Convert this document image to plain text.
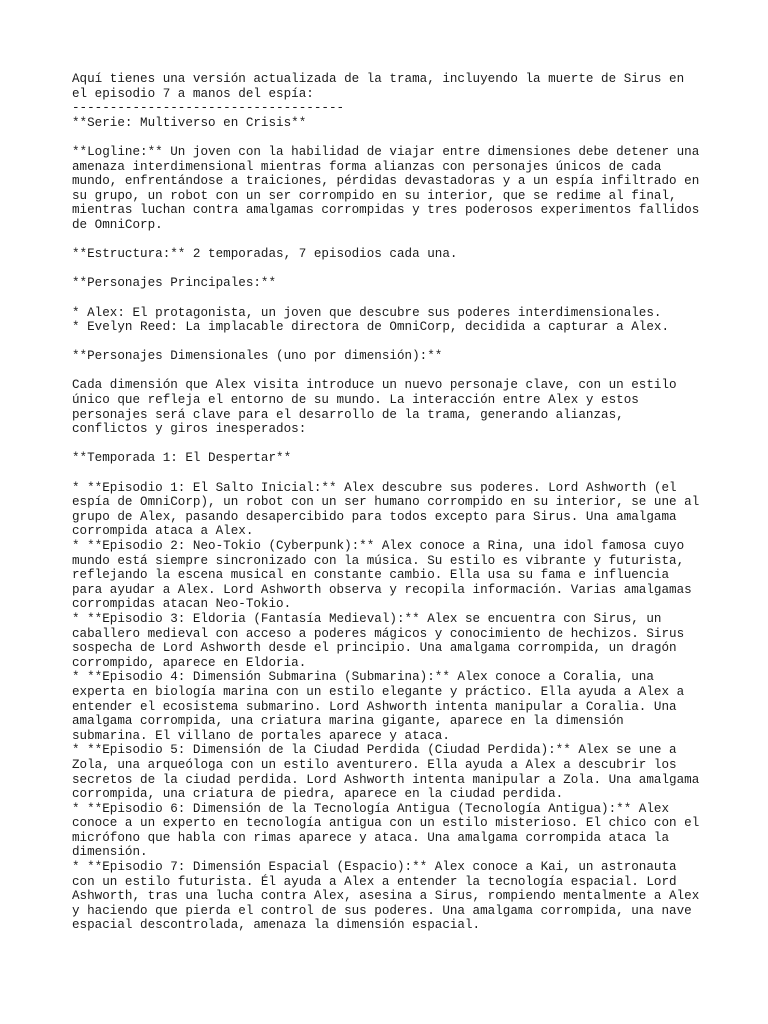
Aquí tienes una versión actualizada de la trama, incluyendo la muerte de Sirus en
el episodio 7 a manos del espía:
------------------------------------
**Serie: Multiverso en Crisis**
**Logline:** Un joven con la habilidad de viajar entre dimensiones debe detener una
amenaza interdimensional mientras forma alianzas con personajes únicos de cada
mundo, enfrentándose a traiciones, pérdidas devastadoras y a un espía infiltrado en
su grupo, un robot con un ser corrompido en su interior, que se redime al final,
mientras luchan contra amalgamas corrompidas y tres poderosos experimentos fallidos
de OmniCorp.
**Estructura:** 2 temporadas, 7 episodios cada una.
**Personajes Principales:**
* Alex: El protagonista, un joven que descubre sus poderes interdimensionales.
* Evelyn Reed: La implacable directora de OmniCorp, decidida a capturar a Alex.
**Personajes Dimensionales (uno por dimensión):**
Cada dimensión que Alex visita introduce un nuevo personaje clave, con un estilo
único que refleja el entorno de su mundo. La interacción entre Alex y estos
personajes será clave para el desarrollo de la trama, generando alianzas,
conflictos y giros inesperados:
**Temporada 1: El Despertar**
* **Episodio 1: El Salto Inicial:** Alex descubre sus poderes. Lord Ashworth (el
espía de OmniCorp), un robot con un ser humano corrompido en su interior, se une al
grupo de Alex, pasando desapercibido para todos excepto para Sirus. Una amalgama
corrompida ataca a Alex.
* **Episodio 2: Neo-Tokio (Cyberpunk):** Alex conoce a Rina, una idol famosa cuyo
mundo está siempre sincronizado con la música. Su estilo es vibrante y futurista,
reflejando la escena musical en constante cambio. Ella usa su fama e influencia
para ayudar a Alex. Lord Ashworth observa y recopila información. Varias amalgamas
corrompidas atacan Neo-Tokio.
* **Episodio 3: Eldoria (Fantasía Medieval):** Alex se encuentra con Sirus, un
caballero medieval con acceso a poderes mágicos y conocimiento de hechizos. Sirus
sospecha de Lord Ashworth desde el principio. Una amalgama corrompida, un dragón
corrompido, aparece en Eldoria.
* **Episodio 4: Dimensión Submarina (Submarina):** Alex conoce a Coralia, una
experta en biología marina con un estilo elegante y práctico. Ella ayuda a Alex a
entender el ecosistema submarino. Lord Ashworth intenta manipular a Coralia. Una
amalgama corrompida, una criatura marina gigante, aparece en la dimensión
submarina. El villano de portales aparece y ataca.
* **Episodio 5: Dimensión de la Ciudad Perdida (Ciudad Perdida):** Alex se une a
Zola, una arqueóloga con un estilo aventurero. Ella ayuda a Alex a descubrir los
secretos de la ciudad perdida. Lord Ashworth intenta manipular a Zola. Una amalgama
corrompida, una criatura de piedra, aparece en la ciudad perdida.
* **Episodio 6: Dimensión de la Tecnología Antigua (Tecnología Antigua):** Alex
conoce a un experto en tecnología antigua con un estilo misterioso. El chico con el
micrófono que habla con rimas aparece y ataca. Una amalgama corrompida ataca la
dimensión.
* **Episodio 7: Dimensión Espacial (Espacio):** Alex conoce a Kai, un astronauta
con un estilo futurista. Él ayuda a Alex a entender la tecnología espacial. Lord
Ashworth, tras una lucha contra Alex, asesina a Sirus, rompiendo mentalmente a Alex
y haciendo que pierda el control de sus poderes. Una amalgama corrompida, una nave
espacial descontrolada, amenaza la dimensión espacial.
